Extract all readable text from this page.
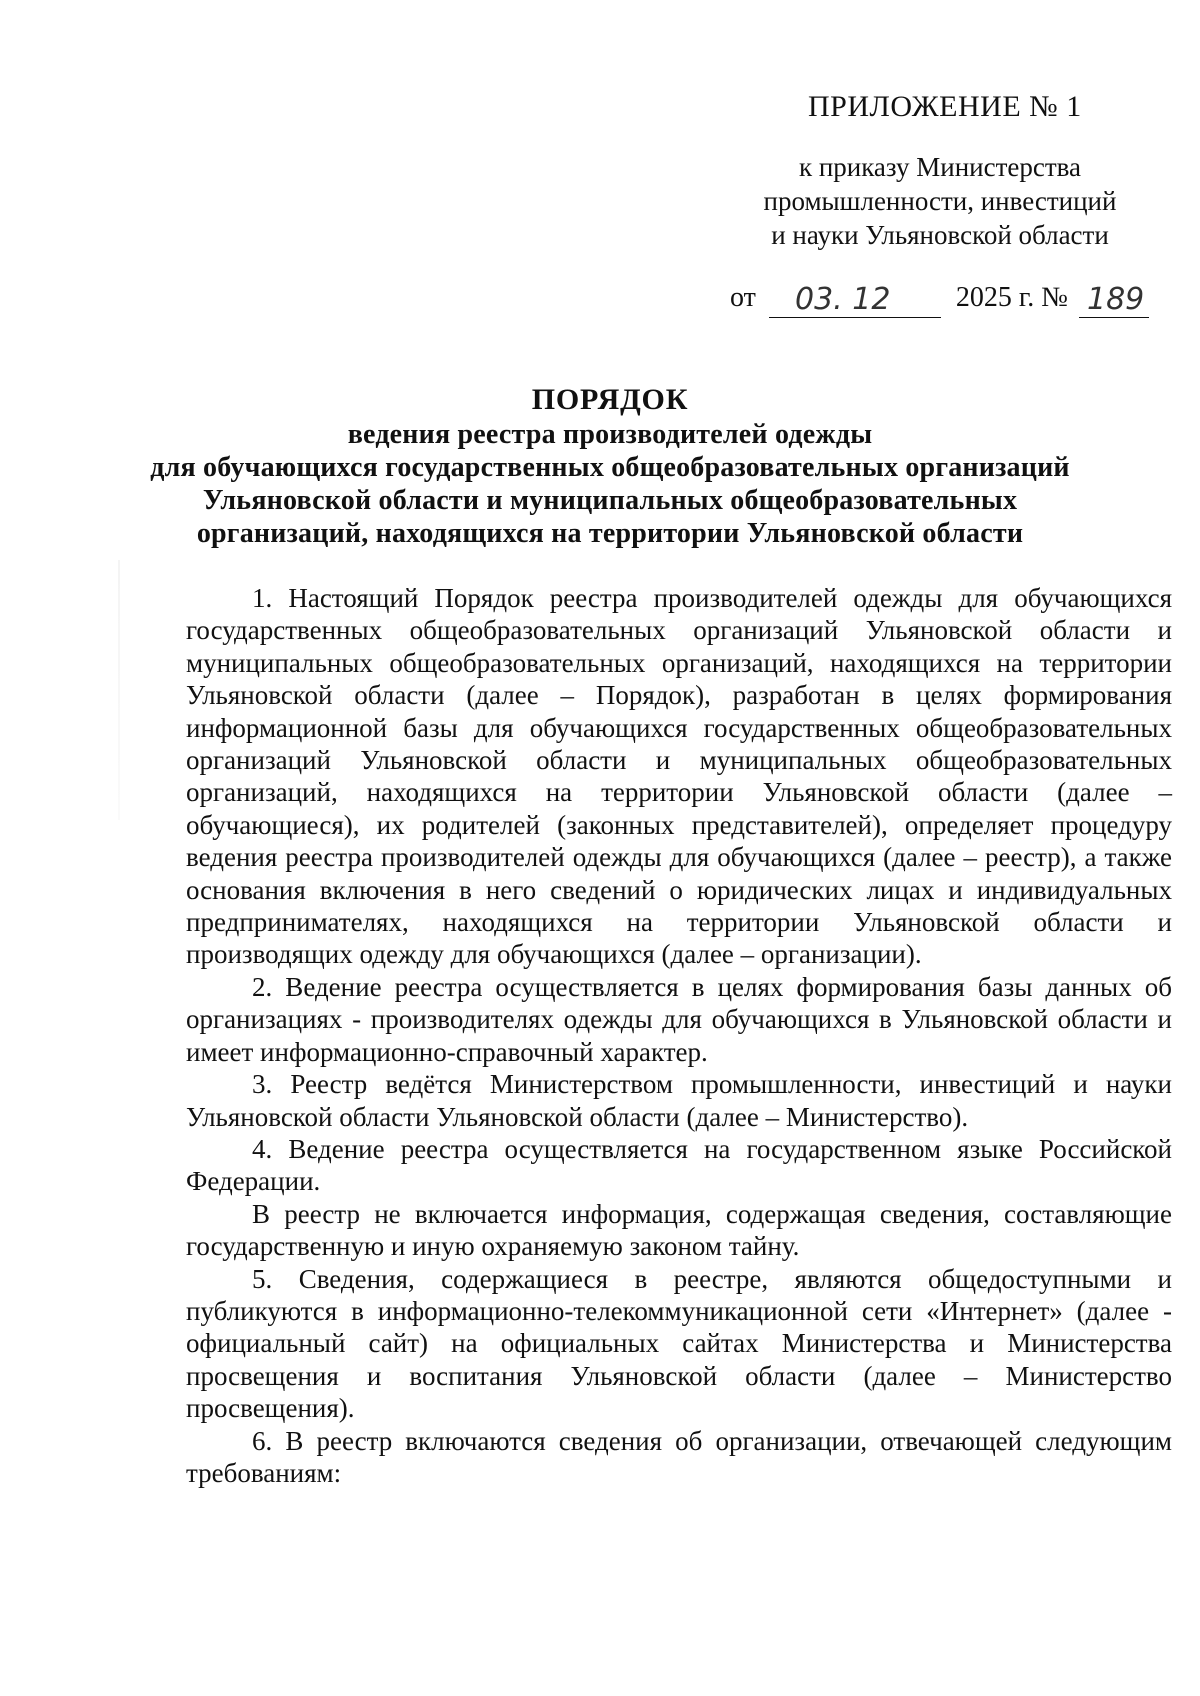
ПРИЛОЖЕНИЕ № 1
к приказу Министерства
промышленности, инвестиций
и науки Ульяновской области
от 03. 12 2025 г. № 189
ПОРЯДОК
ведения реестра производителей одежды
для обучающихся государственных общеобразовательных организаций
Ульяновской области и муниципальных общеобразовательных
организаций, находящихся на территории Ульяновской области

1. Настоящий Порядок реестра производителей одежды для обучающихся государственных общеобразовательных организаций Ульяновской области и муниципальных общеобразовательных организаций, находящихся на территории Ульяновской области (далее – Порядок), разработан в целях формирования информационной базы для обучающихся государственных общеобразовательных организаций Ульяновской области и муниципальных общеобразовательных организаций, находящихся на территории Ульяновской области (далее – обучающиеся), их родителей (законных представителей), определяет процедуру ведения реестра производителей одежды для обучающихся (далее – реестр), а также основания включения в него сведений о юридических лицах и индивидуальных предпринимателях, находящихся на территории Ульяновской области и производящих одежду для обучающихся (далее – организации).

2. Ведение реестра осуществляется в целях формирования базы данных об организациях - производителях одежды для обучающихся в Ульяновской области и имеет информационно-справочный характер.

3. Реестр ведётся Министерством промышленности, инвестиций и науки Ульяновской области Ульяновской области (далее – Министерство).

4. Ведение реестра осуществляется на государственном языке Российской Федерации.

В реестр не включается информация, содержащая сведения, составляющие государственную и иную охраняемую законом тайну.

5. Сведения, содержащиеся в реестре, являются общедоступными и публикуются в информационно-телекоммуникационной сети «Интернет» (далее - официальный сайт) на официальных сайтах Министерства и Министерства просвещения и воспитания Ульяновской области (далее – Министерство просвещения).

6. В реестр включаются сведения об организации, отвечающей следующим требованиям:
